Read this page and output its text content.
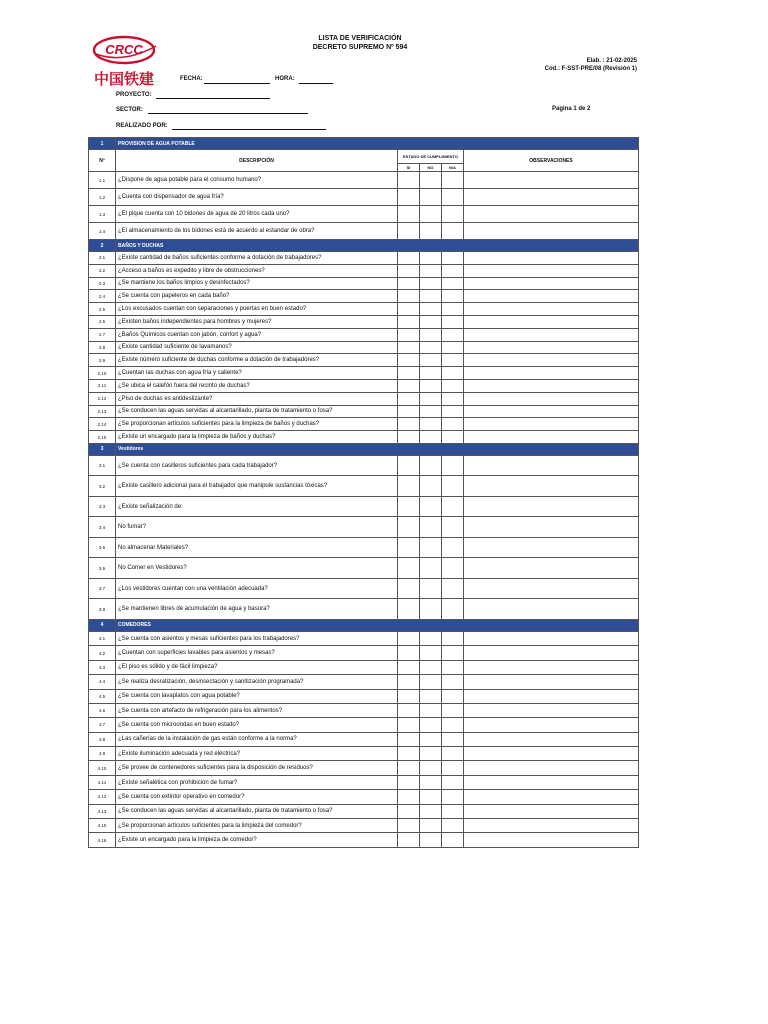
CRCC
中国铁建
LISTA DE VERIFICACIÓN
DECRETO SUPREMO Nº 594
Elab. : 21-02-2025
Cod.: F-SST-PRE/08 (Revisión 1)
FECHA:	HORA:
PROYECTO:
SECTOR:	Pagina 1 de 2
REALIZADO POR:
1	PROVISION DE AGUA POTABLE				
Nº	DESCRIPCIÓN	ESTADO DE CUMPLIMIENTO			OBSERVACIONES
		SI	NO	N/A	
1.1	¿Dispone de agua potable para el consumo humano?				
1.2	¿Cuenta con dispensador de agua fría?				
1.3	¿El pique cuenta con 10 bidones de agua de 20 litros cada uno?				
1.4	¿El almacenamiento de los bidones está de acuerdo al estandar de obra?				
2	BAÑOS Y DUCHAS				
2.1	¿Existe cantidad de baños suficientes conforme a dotación de trabajadores?				
2.2	¿Acceso a baños es expedito y libre de obstrucciones?				
2.3	¿Se mantiene los baños limpios y desinfectados?				
2.4	¿Se cuenta con papeleros en cada baño?				
2.5	¿Los excusados cuentan con separaciones y puertas en buen estado?				
2.6	¿Existen baños independientes para hombres y mujeres?				
2.7	¿Baños Químicos cuentan con jabón, confort y agua?				
2.8	¿Existe cantidad suficiente de lavamanos?				
2.9	¿Existe número suficiente de duchas conforme a dotación de trabajadores?				
2.10	¿Cuentan las duchas con agua fría y caliente?				
2.11	¿Se ubica el calefón fuera del recinto de duchas?				
2.12	¿Piso de duchas es antideslizante?				
2.13	¿Se conducen las aguas servidas al alcantarillado, planta de tratamiento o fosa?				
2.14	¿Se proporcionan artículos suficientes para la limpieza de baños y duchas?				
2.15	¿Existe un encargado para la limpieza de baños y duchas?				
3	Vestidores				
3.1	¿Se cuenta con casilleros suficientes para cada trabajador?				
3.2	¿Existe casillero adicional para el trabajador que manipule sustancias tóxicas?				
3.3	¿Existe señalización de:				
3.4	No fumar?				
3.5	No almacenar Materiales?				
3.6	No Comer en Vestidores?				
3.7	¿Los vestidores cuentan con una ventilación adecuada?				
3.8	¿Se mantienen libres de acumulación de agua y basura?				
4	COMEDORES				
4.1	¿Se cuenta con asientos y mesas suficientes para los trabajadores?				
4.2	¿Cuentan con superficies lavables para asientos y mesas?				
4.3	¿El piso es sólido y de fácil limpieza?				
4.4	¿Se realiza desratización, desinsectación y sanitización programada?				
4.5	¿Se cuenta con lavaplatos con agua potable?				
4.6	¿Se cuenta con artefacto de refrigeración para los alimentos?				
4.7	¿Se cuenta con microondas en buen estado?				
4.8	¿Las cañerías de la instalación de gas están conforme a la norma?				
4.9	¿Existe iluminación adecuada y red eléctrica?				
4.10	¿Se provee de contenedores suficientes para la disposición de residuos?				
4.11	¿Existe señalética con prohibición de fumar?				
4.12	¿Se cuenta con extintor operativo en comedor?				
4.13	¿Se conducen las aguas servidas al alcantarillado, planta de tratamiento o fosa?				
4.15	¿Se proporcionan artículos suficientes para la limpieza del comedor?				
4.16	¿Existe un encargado para la limpieza de comedor?				
